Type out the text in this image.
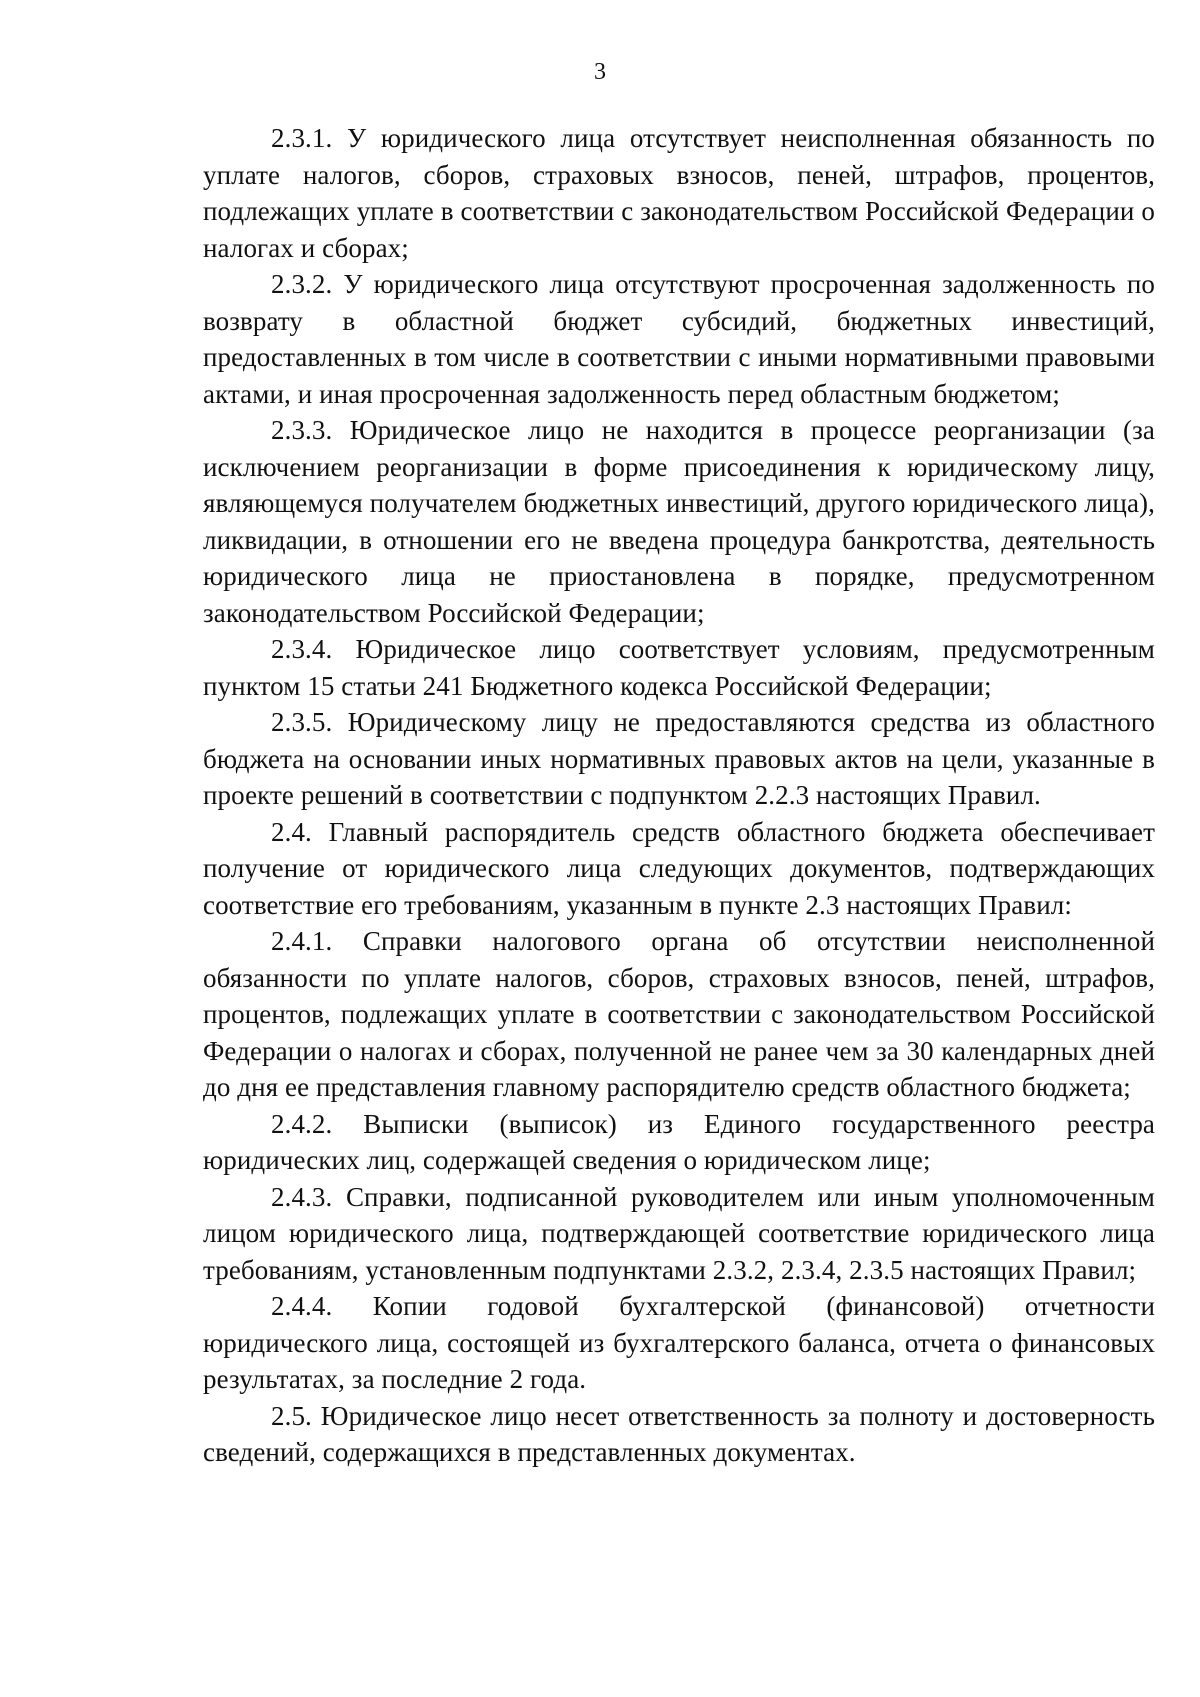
3

2.3.1. У юридического лица отсутствует неисполненная обязанность по уплате налогов, сборов, страховых взносов, пеней, штрафов, процентов, подлежащих уплате в соответствии с законодательством Российской Федерации о налогах и сборах;

2.3.2. У юридического лица отсутствуют просроченная задолженность по возврату в областной бюджет субсидий, бюджетных инвестиций, предоставленных в том числе в соответствии с иными нормативными правовыми актами, и иная просроченная задолженность перед областным бюджетом;

2.3.3. Юридическое лицо не находится в процессе реорганизации (за исключением реорганизации в форме присоединения к юридическому лицу, являющемуся получателем бюджетных инвестиций, другого юридического лица), ликвидации, в отношении его не введена процедура банкротства, деятельность юридического лица не приостановлена в порядке, предусмотренном законодательством Российской Федерации;

2.3.4. Юридическое лицо соответствует условиям, предусмотренным пунктом 15 статьи 241 Бюджетного кодекса Российской Федерации;

2.3.5. Юридическому лицу не предоставляются средства из областного бюджета на основании иных нормативных правовых актов на цели, указанные в проекте решений в соответствии с подпунктом 2.2.3 настоящих Правил.

2.4. Главный распорядитель средств областного бюджета обеспечивает получение от юридического лица следующих документов, подтверждающих соответствие его требованиям, указанным в пункте 2.3 настоящих Правил:

2.4.1. Справки налогового органа об отсутствии неисполненной обязанности по уплате налогов, сборов, страховых взносов, пеней, штрафов, процентов, подлежащих уплате в соответствии с законодательством Российской Федерации о налогах и сборах, полученной не ранее чем за 30 календарных дней до дня ее представления главному распорядителю средств областного бюджета;

2.4.2. Выписки (выписок) из Единого государственного реестра юридических лиц, содержащей сведения о юридическом лице;

2.4.3. Справки, подписанной руководителем или иным уполномоченным лицом юридического лица, подтверждающей соответствие юридического лица требованиям, установленным подпунктами 2.3.2, 2.3.4, 2.3.5 настоящих Правил;

2.4.4. Копии годовой бухгалтерской (финансовой) отчетности юридического лица, состоящей из бухгалтерского баланса, отчета о финансовых результатах, за последние 2 года.

2.5. Юридическое лицо несет ответственность за полноту и достоверность сведений, содержащихся в представленных документах.
